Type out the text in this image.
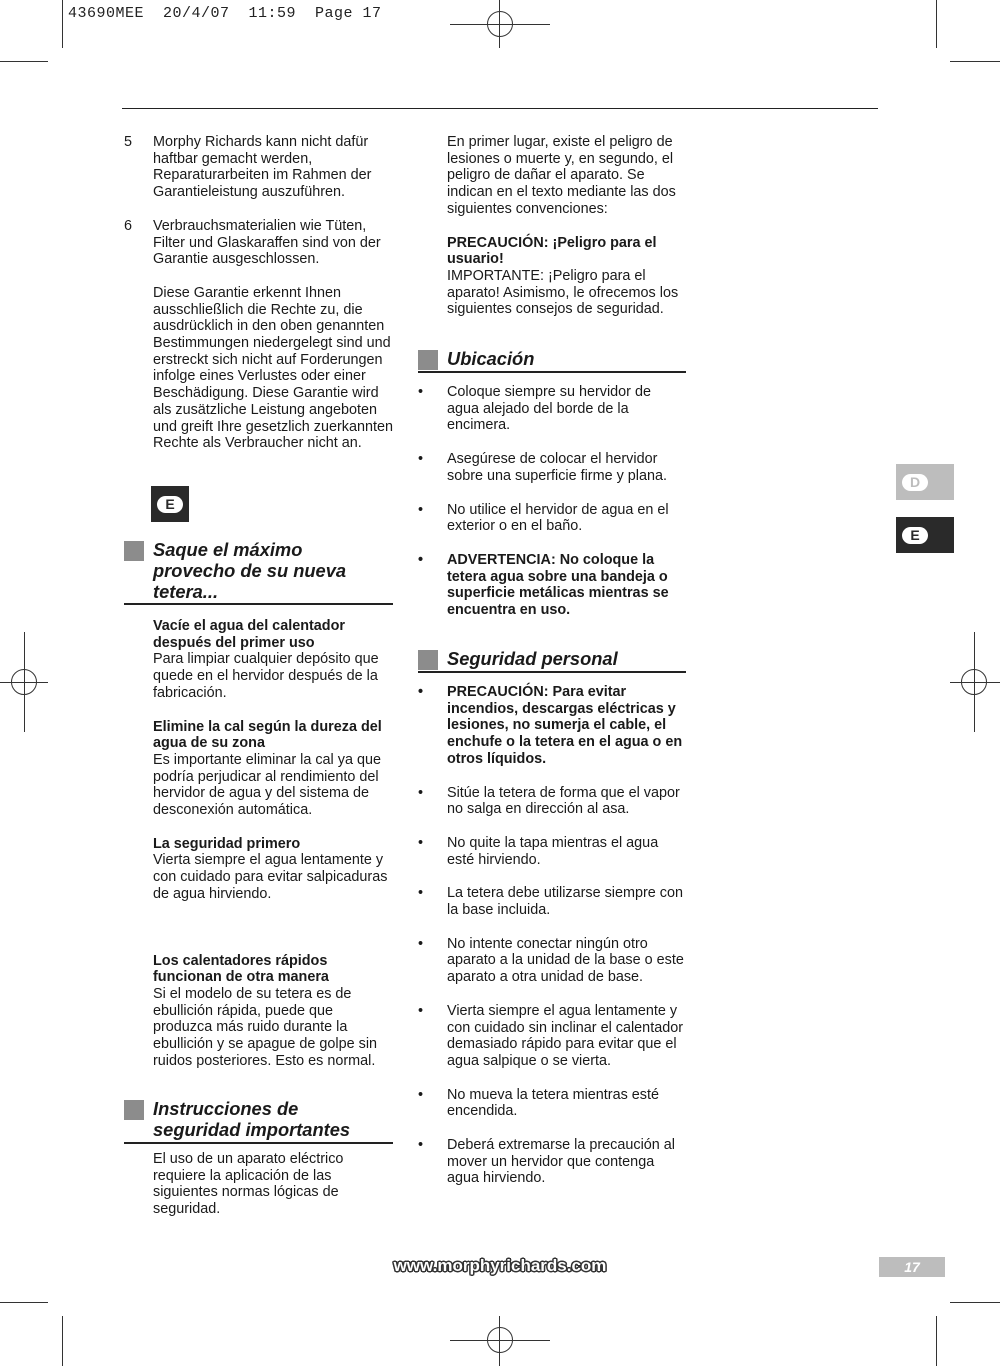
43690MEE  20/4/07  11:59  Page 17
5	Morphy Richards kann nicht dafür haftbar gemacht werden, Reparaturarbeiten im Rahmen der Garantieleistung auszuführen.
6	Verbrauchsmaterialien wie Tüten, Filter und Glaskaraffen sind von der Garantie ausgeschlossen.
Diese Garantie erkennt Ihnen ausschließlich die Rechte zu, die ausdrücklich in den oben genannten Bestimmungen niedergelegt sind und erstreckt sich nicht auf Forderungen infolge eines Verlustes oder einer Beschädigung. Diese Garantie wird als zusätzliche Leistung angeboten und greift Ihre gesetzlich zuerkannten Rechte als Verbraucher nicht an.
E
Saque el máximo provecho de su nueva tetera...
Vacíe el agua del calentador después del primer uso
Para limpiar cualquier depósito que quede en el hervidor después de la fabricación.
Elimine la cal según la dureza del agua de su zona
Es importante eliminar la cal ya que podría perjudicar al rendimiento del hervidor de agua y del sistema de desconexión automática.
La seguridad primero
Vierta siempre el agua lentamente y con cuidado para evitar salpicaduras de agua hirviendo.
Los calentadores rápidos funcionan de otra manera
Si el modelo de su tetera es de ebullición rápida, puede que produzca más ruido durante la ebullición y se apague de golpe sin ruidos posteriores. Esto es normal.
Instrucciones de seguridad importantes
El uso de un aparato eléctrico requiere la aplicación de las siguientes normas lógicas de seguridad.
En primer lugar, existe el peligro de lesiones o muerte y, en segundo, el peligro de dañar el aparato. Se indican en el texto mediante las dos siguientes convenciones:
PRECAUCIÓN: ¡Peligro para el usuario!
IMPORTANTE: ¡Peligro para el aparato! Asimismo, le ofrecemos los siguientes consejos de seguridad.
Ubicación
•	Coloque siempre su hervidor de agua alejado del borde de la encimera.
•	Asegúrese de colocar el hervidor sobre una superficie firme y plana.
•	No utilice el hervidor de agua en el exterior o en el baño.
•	ADVERTENCIA: No coloque la tetera agua sobre una bandeja o superficie metálicas mientras se encuentra en uso.
Seguridad personal
•	PRECAUCIÓN: Para evitar incendios, descargas eléctricas y lesiones, no sumerja el cable, el enchufe o la tetera en el agua o en otros líquidos.
•	Sitúe la tetera de forma que el vapor no salga en dirección al asa.
•	No quite la tapa mientras el agua esté hirviendo.
•	La tetera debe utilizarse siempre con la base incluida.
•	No intente conectar ningún otro aparato a la unidad de la base o este aparato a otra unidad de base.
•	Vierta siempre el agua lentamente y con cuidado sin inclinar el calentador demasiado rápido para evitar que el agua salpique o se vierta.
•	No mueva la tetera mientras esté encendida.
•	Deberá extremarse la precaución al mover un hervidor que contenga agua hirviendo.
D
E
www.morphyrichards.com	17
